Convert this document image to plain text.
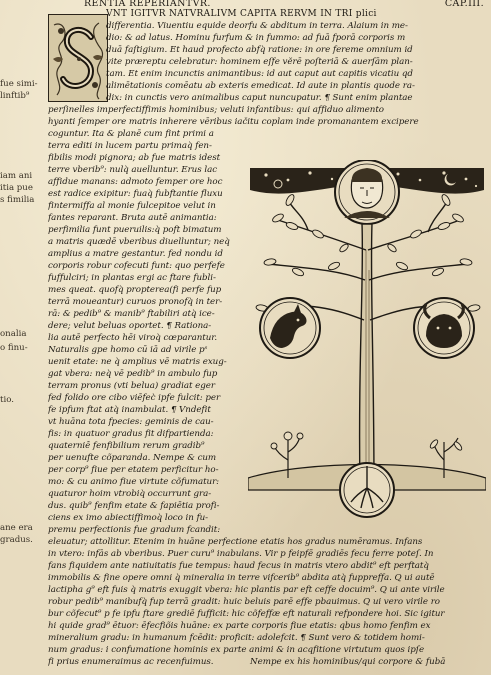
RENTIA REPERIANTVR.	CAP.III.
fue simi-
linftib⁹
iam ani
itia pue
s fimilia
onalia
o finu-
tio.
ane era
gradus.
VNT IGITVR NATVRALIVM CAPITA RERVM IN TRI plici
differentia. Viuentiu equide deorfu & abditum in terra. Alaium in me-
dio: & ad latus. Hominu furfum & in fummo: ad fuā fporā corporis m
duā faſtigium. Et haud profecto abfq̀ ratione: in ore fereme omnium id
vite præreptu celebratur: hominem eſfe vĕrē poſteriā & auerſām plan-
tam. Et enim incunctis animantibus: id aut caput aut capitis vicatiu qd
alimētationis comēatu ab exteris emedicat. Id aute in plantis quode ra-
dix: in cunctis vero animalibus caput nuncupatur. ¶ Sunt enim plantae
perſinelles imperfectiffimis hominibus; veluti infantibus: qui affiduo alimento
hyanti ſemper ore matris inherere vēribus iačitu coplam inde promanantem excipere
coguntur. Ita & planē cum fint primi a
terra editi in lucem partu primaq̀ fen-
fibilis modi pignora; ab fue matris idest
terre vberib⁹: nulq̀ auelluntur. Erus lac
affidue manans: admoto femper ore hoc
est radice exipitur: fuaq̀ fubftantie fluxu
fintermiffa al monie fulcepitoe velut in
fantes reparant. Bruta autē animantia:
perfimilia funt pueruilis:q̀ poft bimatum
a matris quædē vberibus diuelluntur; neq̀
amplius a matre gestantur. fed nondu id
corporis robur cofecuti funt: quo perfefe
fuffulciri; in plantas ergi ac ftare fubli-
mes queat. quofq̀ propterea(fi perfe fup
terrā moueantur) curuos pronofq̀ in ter-
rā: & pedib⁹ & manib⁹ ftabiliri atq̀ ice-
dere; velut beluas oportet. ¶ Rationa-
lia autē perfecto hēi viroq̀ cœparantur.
Naturalis gpe homo cū iā ad virile pˢ
uenit etate: ne q̀ amplius vē matris exug-
gat vbera: neq̀ vē pedib⁹ in ambulo fup
terram pronus (vti belua) gradiat eger
fed folido ore cibo viēfec̀ ipfe fulcit: per
fe ipfum ftat atq̀ inambulat. ¶ Vndefit
vt huāna tota fpecies: geminis de cau-
fis: in quatuor gradus fit difpartienda:
quaterniḗ fenfibilium rerum gradib⁹
per uenufte cõparanda. Nempe & cum
per corp⁹ fiue per etatem perficitur ho-
mo: & cu animo fiue virtute cõfumatur:
quaturor hoim vtrobiq̀ occurrunt gra-
dus. quib⁹ fenfim etate & fapiētia profi-
ciens ex imo abiectiffimoq̀ loco in fu-
premu perfectionis fue gradum fcandit:
eleuatur; attollitur. Etenim in huāne perfectione etatis hos gradus numēramus. Infans
in vtero: infās ab vberibus. Puer curu⁹ inabulans. Vir p feipfē gradiēs fecu ferre poteſ. In
fans fiquidem ante natiuitatis fue tempus: haud fecus in matris vtero abdit⁹ eft perftatq̀
immobilis & fine opere omni q̀ mineralia in terre vifcerib⁹ abdita atq̀ fuppreffa. Q ui autē
lactipha g⁹ eft fuis q̀ matris exuggit vbera: hic plantis par eft ceffe docuim⁹. Q ui ante virile
robur pedib⁹ manibufq̀ fup terrā gradit: huic beluis parē effe pbauimus. Q ui vero virile ro
bur cõfecut⁹ p fe ipfu ftare grediē fufficit: hic cõfeffæ eft naturali refpondere hoi. Sic igitur
hi quide grad⁹ ētuor: ēfecfiõis huāne: ex parte corporis fiue etatis: qbus homo fenfim ex
mineralium gradu: in humanum fcēdit: proficit: adolefcit. ¶ Sunt vero & totidem homi-
num gradus: i confumatione hominis ex parte animi & in acqfitione virtutum quos ipſe
fi prius enumeraimus ac recenfuimus.	Nempe ex his hominibus/qui corpore & fubā
